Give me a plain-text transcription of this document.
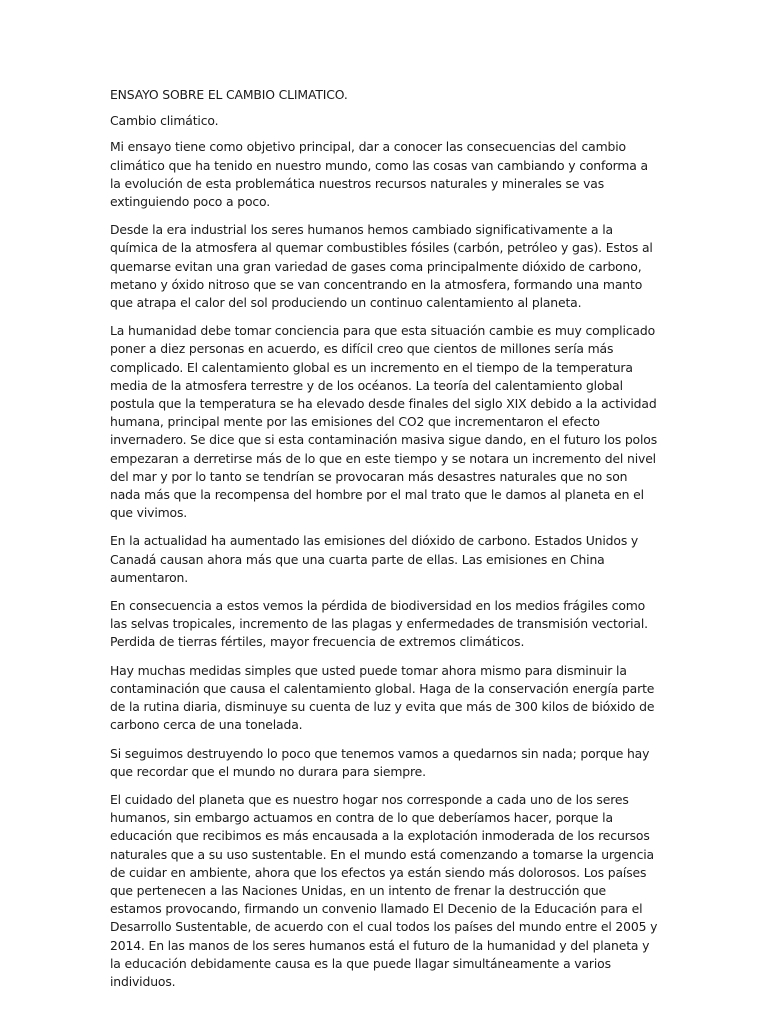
ENSAYO SOBRE EL CAMBIO CLIMATICO.

Cambio climático.

Mi ensayo tiene como objetivo principal, dar a conocer las consecuencias del cambio climático que ha tenido en nuestro mundo, como las cosas van cambiando y conforma a la evolución de esta problemática nuestros recursos naturales y minerales se vas extinguiendo poco a poco.

Desde la era industrial los seres humanos hemos cambiado significativamente a la química de la atmosfera al quemar combustibles fósiles (carbón, petróleo y gas). Estos al quemarse evitan una gran variedad de gases coma principalmente dióxido de carbono, metano y óxido nitroso que se van concentrando en la atmosfera, formando una manto que atrapa el calor del sol produciendo un continuo calentamiento al planeta.

La humanidad debe tomar conciencia para que esta situación cambie es muy complicado poner a diez personas en acuerdo, es difícil creo que cientos de millones sería más complicado. El calentamiento global es un incremento en el tiempo de la temperatura media de la atmosfera terrestre y de los océanos. La teoría del calentamiento global postula que la temperatura se ha elevado desde finales del siglo XIX debido a la actividad humana, principal mente por las emisiones del CO2 que incrementaron el efecto invernadero. Se dice que si esta contaminación masiva sigue dando, en el futuro los polos empezaran a derretirse más de lo que en este tiempo y se notara un incremento del nivel del mar y por lo tanto se tendrían se provocaran más desastres naturales que no son nada más que la recompensa del hombre por el mal trato que le damos al planeta en el que vivimos.

En la actualidad ha aumentado las emisiones del dióxido de carbono. Estados Unidos y Canadá causan ahora más que una cuarta parte de ellas. Las emisiones en China aumentaron.

En consecuencia a estos vemos la pérdida de biodiversidad en los medios frágiles como las selvas tropicales, incremento de las plagas y enfermedades de transmisión vectorial. Perdida de tierras fértiles, mayor frecuencia de extremos climáticos.

Hay muchas medidas simples que usted puede tomar ahora mismo para disminuir la contaminación que causa el calentamiento global. Haga de la conservación energía parte de la rutina diaria, disminuye su cuenta de luz y evita que más de 300 kilos de bióxido de carbono cerca de una tonelada.

Si seguimos destruyendo lo poco que tenemos vamos a quedarnos sin nada; porque hay que recordar que el mundo no durara para siempre.

El cuidado del planeta que es nuestro hogar nos corresponde a cada uno de los seres humanos, sin embargo actuamos en contra de lo que deberíamos hacer, porque la educación que recibimos es más encausada a la explotación inmoderada de los recursos naturales que a su uso sustentable. En el mundo está comenzando a tomarse la urgencia de cuidar en ambiente, ahora que los efectos ya están siendo más dolorosos. Los países que pertenecen a las Naciones Unidas, en un intento de frenar la destrucción que estamos provocando, firmando un convenio llamado El Decenio de la Educación para el Desarrollo Sustentable, de acuerdo con el cual todos los países del mundo entre el 2005 y 2014. En las manos de los seres humanos está el futuro de la humanidad y del planeta y la educación debidamente causa es la que puede llagar simultáneamente a varios individuos.
